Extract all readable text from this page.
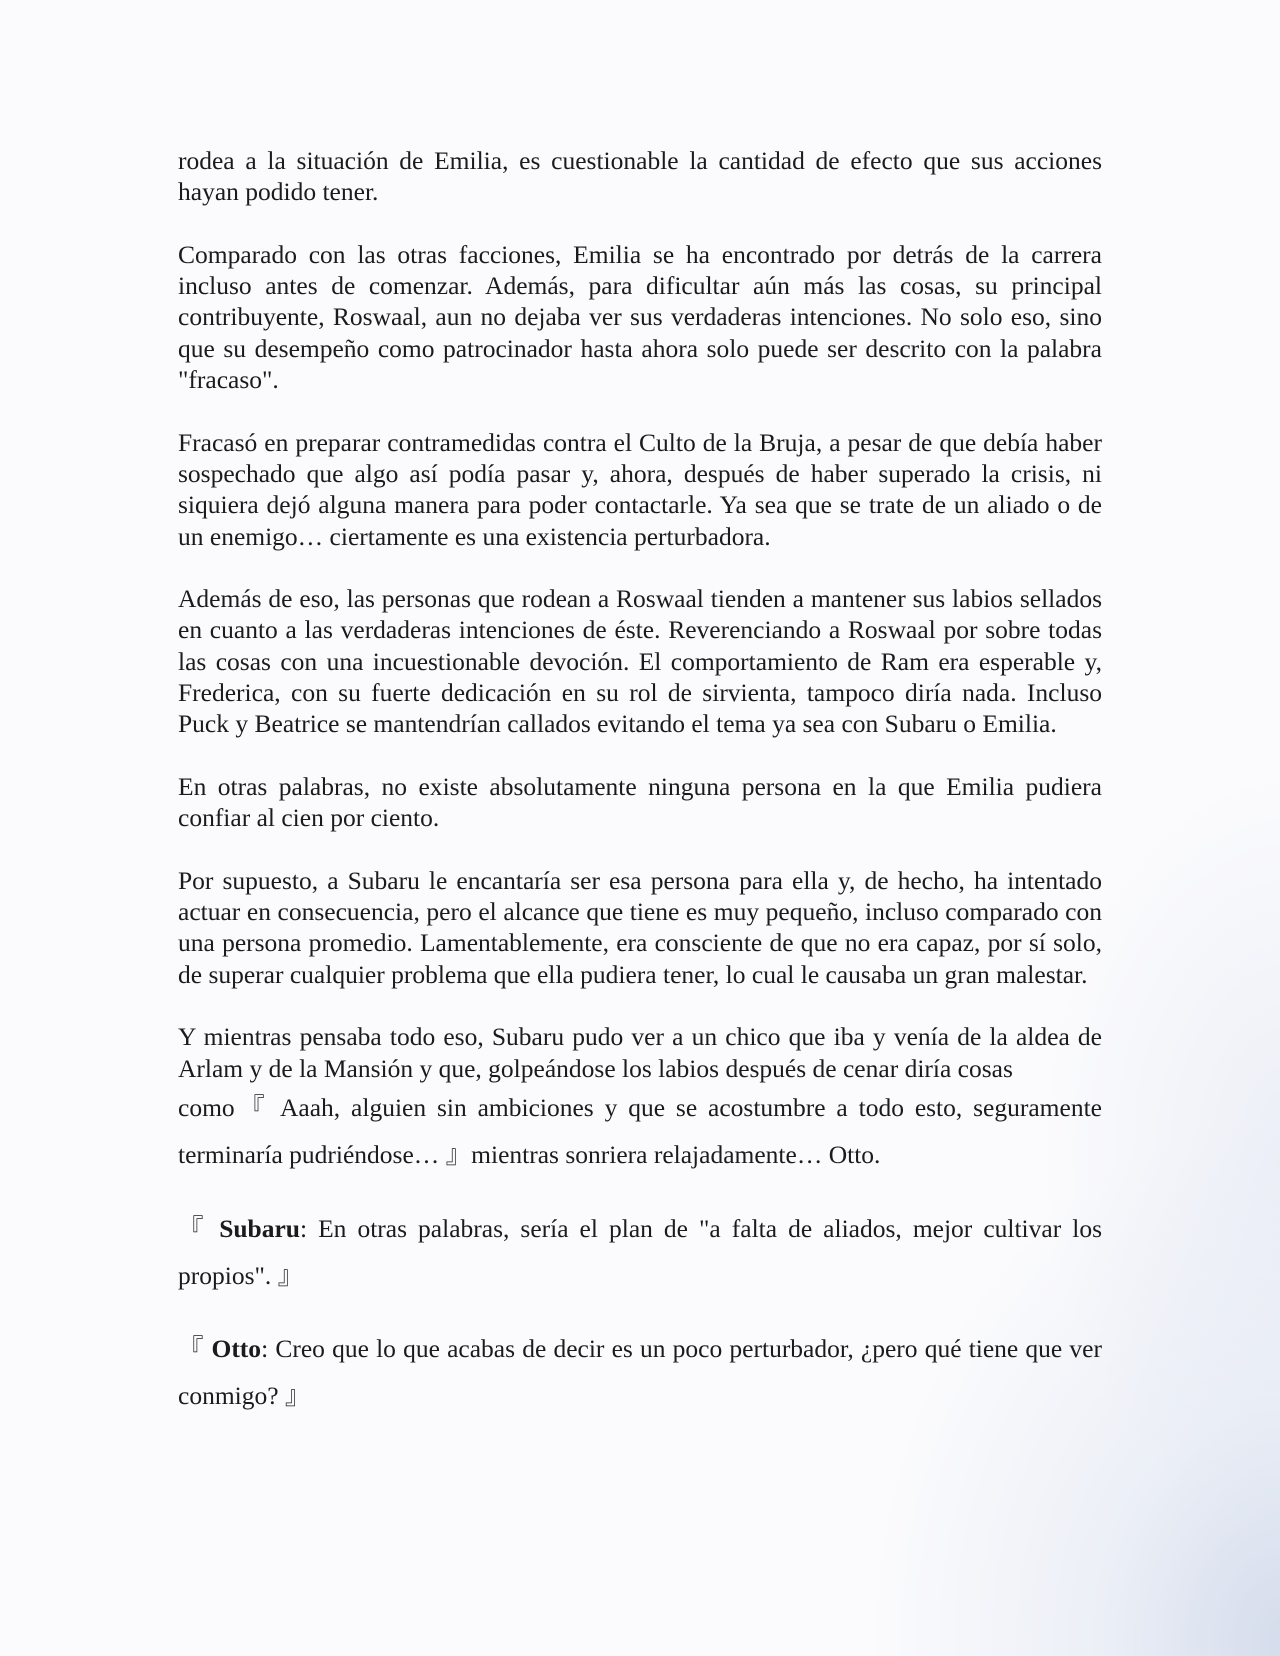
rodea a la situación de Emilia, es cuestionable la cantidad de efecto que sus acciones hayan podido tener.

Comparado con las otras facciones, Emilia se ha encontrado por detrás de la carrera incluso antes de comenzar. Además, para dificultar aún más las cosas, su principal contribuyente, Roswaal, aun no dejaba ver sus verdaderas intenciones. No solo eso, sino que su desempeño como patrocinador hasta ahora solo puede ser descrito con la palabra "fracaso".

Fracasó en preparar contramedidas contra el Culto de la Bruja, a pesar de que debía haber sospechado que algo así podía pasar y, ahora, después de haber superado la crisis, ni siquiera dejó alguna manera para poder contactarle. Ya sea que se trate de un aliado o de un enemigo… ciertamente es una existencia perturbadora.

Además de eso, las personas que rodean a Roswaal tienden a mantener sus labios sellados en cuanto a las verdaderas intenciones de éste. Reverenciando a Roswaal por sobre todas las cosas con una incuestionable devoción. El comportamiento de Ram era esperable y, Frederica, con su fuerte dedicación en su rol de sirvienta, tampoco diría nada. Incluso Puck y Beatrice se mantendrían callados evitando el tema ya sea con Subaru o Emilia.

En otras palabras, no existe absolutamente ninguna persona en la que Emilia pudiera confiar al cien por ciento.

Por supuesto, a Subaru le encantaría ser esa persona para ella y, de hecho, ha intentado actuar en consecuencia, pero el alcance que tiene es muy pequeño, incluso comparado con una persona promedio. Lamentablemente, era consciente de que no era capaz, por sí solo, de superar cualquier problema que ella pudiera tener, lo cual le causaba un gran malestar.

Y mientras pensaba todo eso, Subaru pudo ver a un chico que iba y venía de la aldea de Arlam y de la Mansión y que, golpeándose los labios después de cenar diría cosas
como『 Aaah, alguien sin ambiciones y que se acostumbre a todo esto, seguramente terminaría pudriéndose… 』mientras sonriera relajadamente… Otto.

『 Subaru: En otras palabras, sería el plan de "a falta de aliados, mejor cultivar los propios". 』

『 Otto: Creo que lo que acabas de decir es un poco perturbador, ¿pero qué tiene que ver conmigo? 』
